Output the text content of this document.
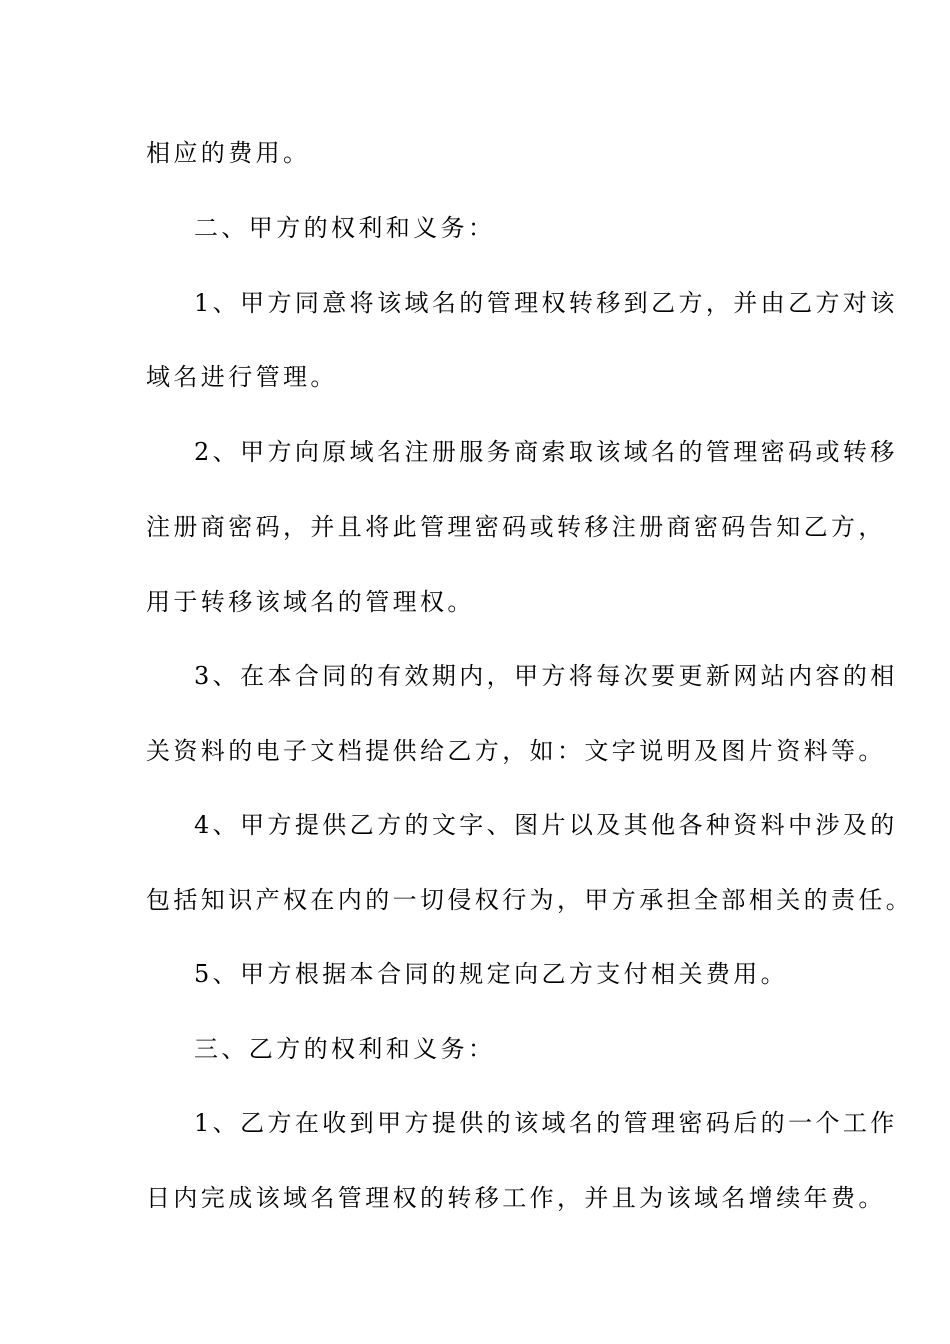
相应的费用。
二、甲方的权利和义务：
1、甲方同意将该域名的管理权转移到乙方，并由乙方对该
域名进行管理。
2、甲方向原域名注册服务商索取该域名的管理密码或转移
注册商密码，并且将此管理密码或转移注册商密码告知乙方，
用于转移该域名的管理权。
3、在本合同的有效期内，甲方将每次要更新网站内容的相
关资料的电子文档提供给乙方，如：文字说明及图片资料等。
4、甲方提供乙方的文字、图片以及其他各种资料中涉及的
包括知识产权在内的一切侵权行为，甲方承担全部相关的责任。
5、甲方根据本合同的规定向乙方支付相关费用。
三、乙方的权利和义务：
1、乙方在收到甲方提供的该域名的管理密码后的一个工作
日内完成该域名管理权的转移工作，并且为该域名增续年费。
